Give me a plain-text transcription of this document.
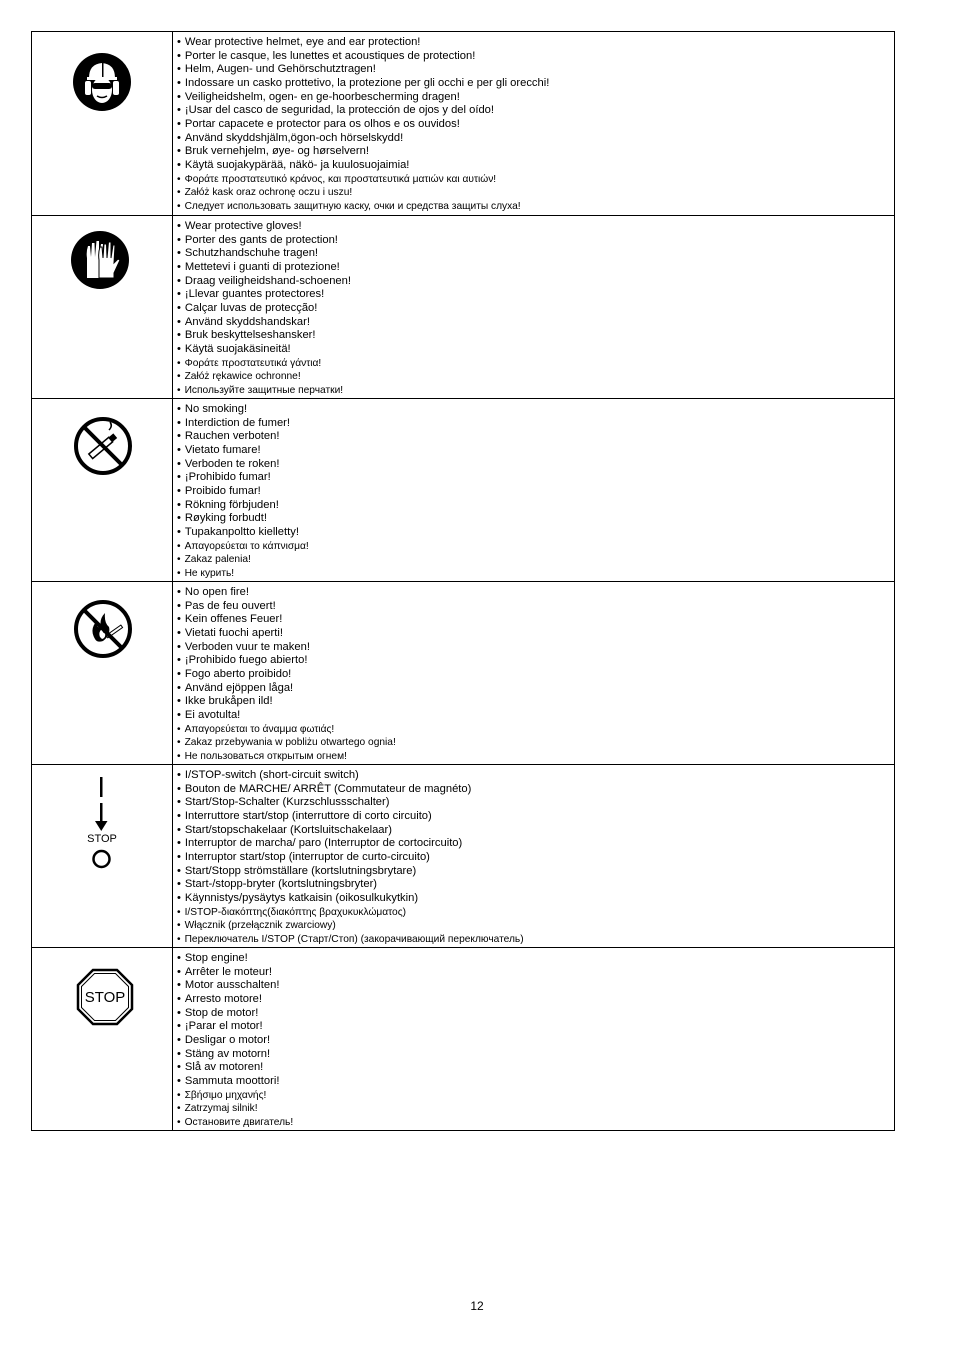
• Wear protective helmet, eye and ear protection!
• Porter le casque, les lunettes et acoustiques de protection!
• Helm, Augen- und Gehörschutztragen!
• Indossare un casko prottetivo, la protezione per gli occhi e per gli orecchi!
• Veiligheidshelm, ogen- en ge-hoorbescherming dragen!
• ¡Usar del casco de seguridad, la protección de ojos y del oído!
• Portar capacete e protector para os olhos e os ouvidos!
• Använd skyddshjälm,ögon-och hörselskydd!
• Bruk vernehjelm, øye- og hørselvern!
• Käytä suojakypärää, näkö- ja kuulosuojaimia!
• Φοράτε προστατευτικό κράνος, και προστατευτικά ματιών και αυτιών!
• Załóż kask oraz ochronę oczu i uszu!
• Следует использовать защитную каску, очки и средства защиты слуха!
• Wear protective gloves!
• Porter des gants de protection!
• Schutzhandschuhe tragen!
• Mettetevi i guanti di protezione!
• Draag veiligheidshand-schoenen!
• ¡Llevar guantes protectores!
• Calçar luvas de protecção!
• Använd skyddshandskar!
• Bruk beskyttelseshansker!
• Käytä suojakäsineitä!
• Φοράτε προστατευτικά γάντια!
• Załóż rękawice ochronne!
• Используйте защитные перчатки!
• No smoking!
• Interdiction de fumer!
• Rauchen verboten!
• Vietato fumare!
• Verboden te roken!
• ¡Prohibido fumar!
• Proibido fumar!
• Rökning förbjuden!
• Røyking forbudt!
• Tupakanpoltto kielletty!
• Απαγορεύεται το κάπνισμα!
• Zakaz palenia!
• Не курить!
• No open fire!
• Pas de feu ouvert!
• Kein offenes Feuer!
• Vietati fuochi aperti!
• Verboden vuur te maken!
• ¡Prohibido fuego abierto!
• Fogo aberto proibido!
• Använd ejöppen låga!
• Ikke brukåpen ild!
• Ei avotulta!
• Απαγορεύεται το άναμμα φωτιάς!
• Zakaz przebywania w pobliżu otwartego ognia!
• Не пользоваться открытым огнем!
STOP
• I/STOP-switch (short-circuit switch)
• Bouton de MARCHE/ ARRÊT (Commutateur de magnéto)
• Start/Stop-Schalter (Kurzschlussschalter)
• Interruttore start/stop (interruttore di corto circuito)
• Start/stopschakelaar (Kortsluitschakelaar)
• Interruptor de marcha/ paro (Interruptor de cortocircuito)
• Interruptor start/stop (interruptor de curto-circuito)
• Start/Stopp strömställare (kortslutningsbrytare)
• Start-/stopp-bryter (kortslutningsbryter)
• Käynnistys/pysäytys katkaisin (oikosulkukytkin)
• I/STOP-διακόπτης(διακόπτης βραχυκυκλώματος)
• Włącznik (przełącznik zwarciowy)
• Переключатель I/STOP (Старт/Стоп) (закорачивающий переключатель)
STOP
• Stop engine!
• Arrêter le moteur!
• Motor ausschalten!
• Arresto motore!
• Stop de motor!
• ¡Parar el motor!
• Desligar o motor!
• Stäng av motorn!
• Slå av motoren!
• Sammuta moottori!
• Σβήσιμο μηχανής!
• Zatrzymaj silnik!
• Остановите двигатель!
12
